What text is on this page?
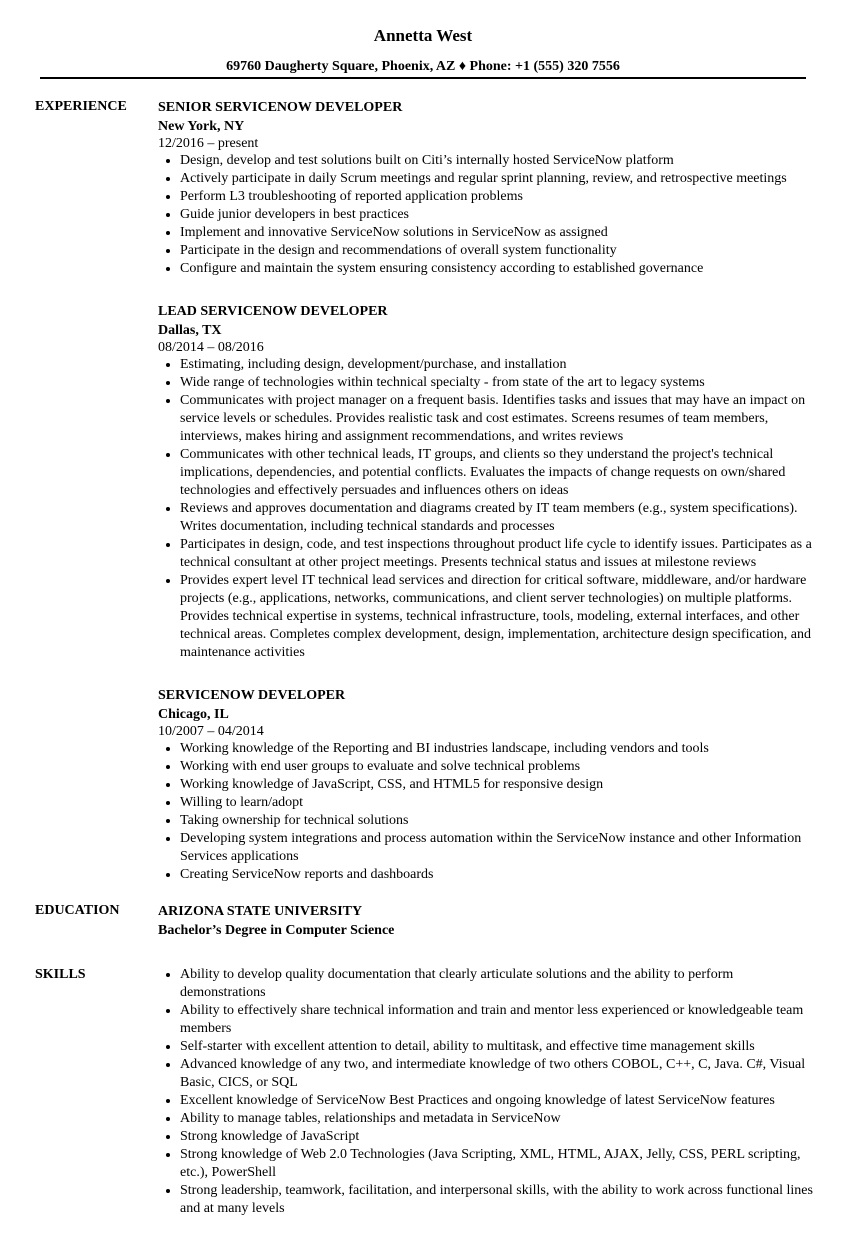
Annetta West
69760 Daugherty Square, Phoenix, AZ ♦ Phone: +1 (555) 320 7556
EXPERIENCE	SENIOR SERVICENOW DEVELOPER
New York, NY
12/2016 – present
• Design, develop and test solutions built on Citi’s internally hosted ServiceNow platform
• Actively participate in daily Scrum meetings and regular sprint planning, review, and retrospective meetings
• Perform L3 troubleshooting of reported application problems
• Guide junior developers in best practices
• Implement and innovative ServiceNow solutions in ServiceNow as assigned
• Participate in the design and recommendations of overall system functionality
• Configure and maintain the system ensuring consistency according to established governance
LEAD SERVICENOW DEVELOPER
Dallas, TX
08/2014 – 08/2016
• Estimating, including design, development/purchase, and installation
• Wide range of technologies within technical specialty - from state of the art to legacy systems
• Communicates with project manager on a frequent basis. Identifies tasks and issues that may have an impact on service levels or schedules. Provides realistic task and cost estimates. Screens resumes of team members, interviews, makes hiring and assignment recommendations, and writes reviews
• Communicates with other technical leads, IT groups, and clients so they understand the project's technical implications, dependencies, and potential conflicts. Evaluates the impacts of change requests on own/shared technologies and effectively persuades and influences others on ideas
• Reviews and approves documentation and diagrams created by IT team members (e.g., system specifications). Writes documentation, including technical standards and processes
• Participates in design, code, and test inspections throughout product life cycle to identify issues. Participates as a technical consultant at other project meetings. Presents technical status and issues at milestone reviews
• Provides expert level IT technical lead services and direction for critical software, middleware, and/or hardware projects (e.g., applications, networks, communications, and client server technologies) on multiple platforms. Provides technical expertise in systems, technical infrastructure, tools, modeling, external interfaces, and other technical areas. Completes complex development, design, implementation, architecture design specification, and maintenance activities
SERVICENOW DEVELOPER
Chicago, IL
10/2007 – 04/2014
• Working knowledge of the Reporting and BI industries landscape, including vendors and tools
• Working with end user groups to evaluate and solve technical problems
• Working knowledge of JavaScript, CSS, and HTML5 for responsive design
• Willing to learn/adopt
• Taking ownership for technical solutions
• Developing system integrations and process automation within the ServiceNow instance and other Information Services applications
• Creating ServiceNow reports and dashboards
EDUCATION	ARIZONA STATE UNIVERSITY
Bachelor’s Degree in Computer Science
SKILLS
•	Ability to develop quality documentation that clearly articulate solutions and the ability to perform demonstrations
• Ability to effectively share technical information and train and mentor less experienced or knowledgeable team members
• Self-starter with excellent attention to detail, ability to multitask, and effective time management skills
• Advanced knowledge of any two, and intermediate knowledge of two others COBOL, C++, C, Java. C#, Visual Basic, CICS, or SQL
• Excellent knowledge of ServiceNow Best Practices and ongoing knowledge of latest ServiceNow features
• Ability to manage tables, relationships and metadata in ServiceNow
• Strong knowledge of JavaScript
• Strong knowledge of Web 2.0 Technologies (Java Scripting, XML, HTML, AJAX, Jelly, CSS, PERL scripting, etc.), PowerShell
• Strong leadership, teamwork, facilitation, and interpersonal skills, with the ability to work across functional lines and at many levels
